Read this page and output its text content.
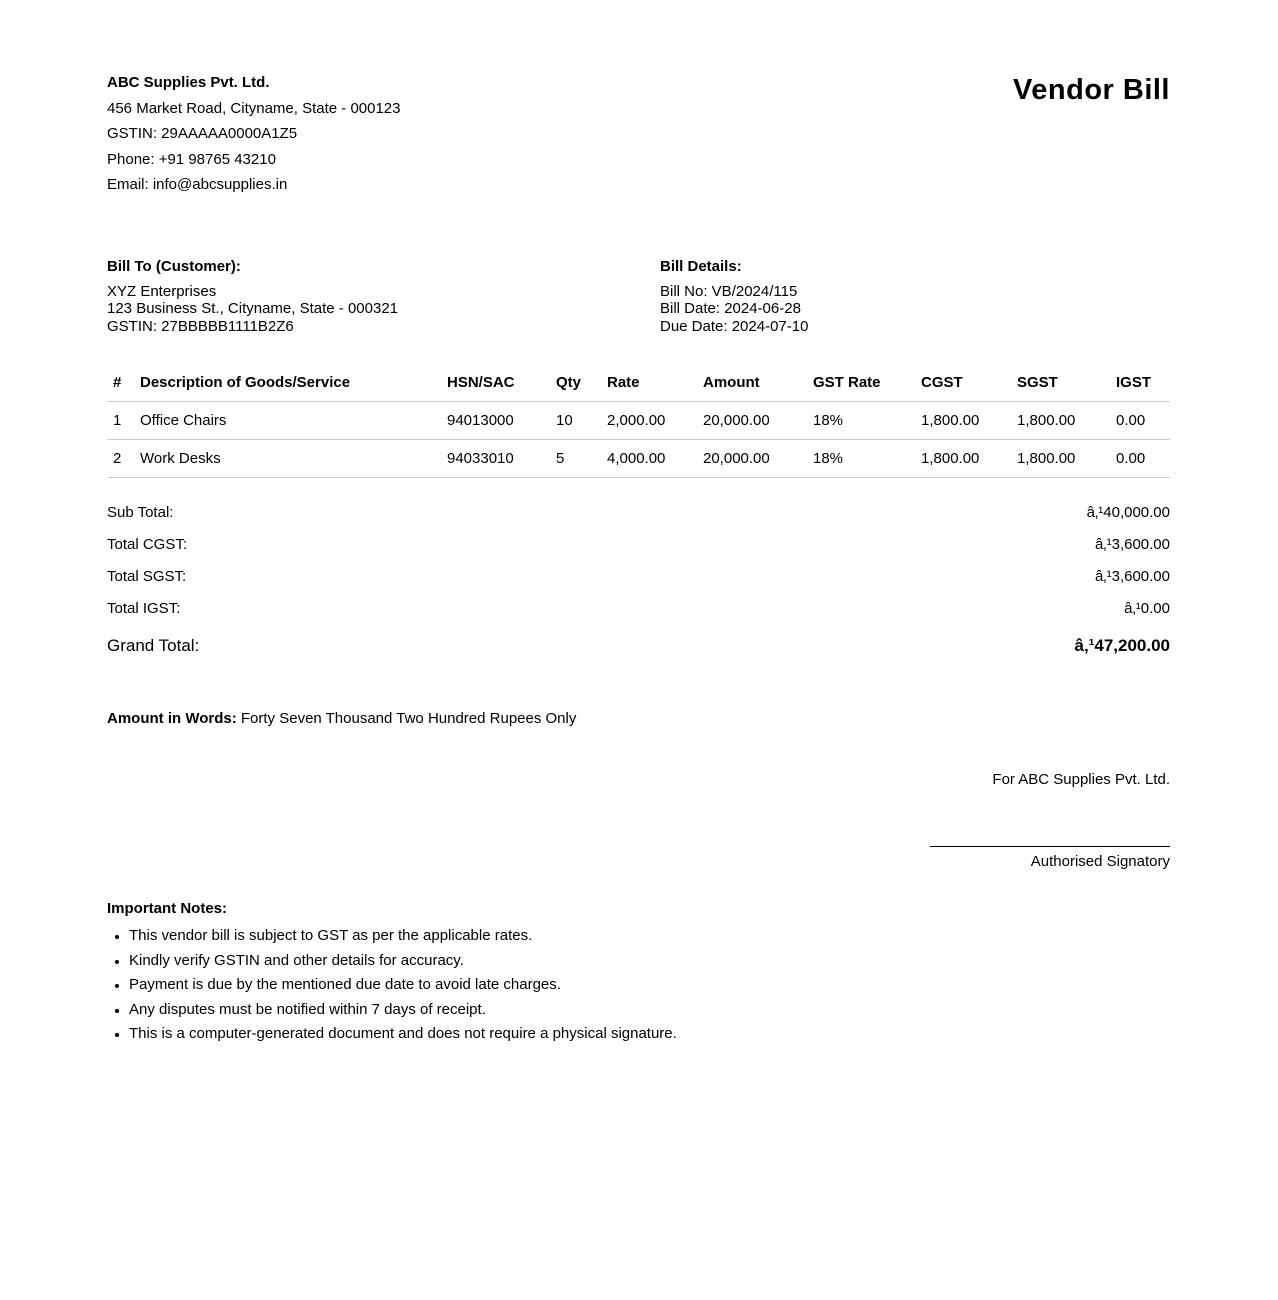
ABC Supplies Pvt. Ltd.
456 Market Road, Cityname, State - 000123
GSTIN: 29AAAAA0000A1Z5
Phone: +91 98765 43210
Email: info@abcsupplies.in
Vendor Bill
Bill To (Customer):
XYZ Enterprises
123 Business St., Cityname, State - 000321
GSTIN: 27BBBBB1111B2Z6
Bill Details:
Bill No: VB/2024/115
Bill Date: 2024-06-28
Due Date: 2024-07-10
#	Description of Goods/Service	HSN/SAC	Qty	Rate	Amount	GST Rate	CGST	SGST	IGST
1	Office Chairs	94013000	10	2,000.00	20,000.00	18%	1,800.00	1,800.00	0.00
2	Work Desks	94033010	5	4,000.00	20,000.00	18%	1,800.00	1,800.00	0.00
Sub Total:	â‚¹40,000.00
Total CGST:	â‚¹3,600.00
Total SGST:	â‚¹3,600.00
Total IGST:	â‚¹0.00
Grand Total:	â‚¹47,200.00
Amount in Words: Forty Seven Thousand Two Hundred Rupees Only
For ABC Supplies Pvt. Ltd.
Authorised Signatory
Important Notes:
• This vendor bill is subject to GST as per the applicable rates.
• Kindly verify GSTIN and other details for accuracy.
• Payment is due by the mentioned due date to avoid late charges.
• Any disputes must be notified within 7 days of receipt.
• This is a computer-generated document and does not require a physical signature.
